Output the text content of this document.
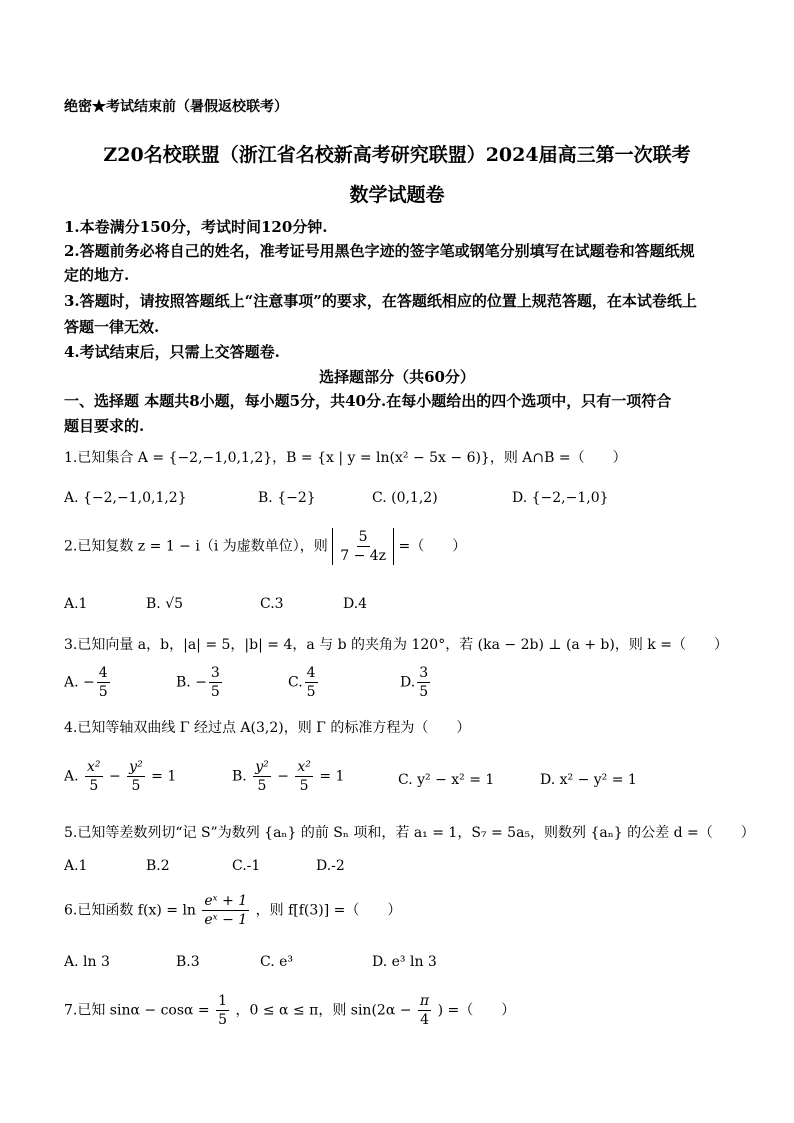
绝密★考试结束前（暑假返校联考）
Z20名校联盟（浙江省名校新高考研究联盟）2024届高三第一次联考
数学试题卷
1.本卷满分150分，考试时间120分钟.
2.答题前务必将自己的姓名，准考证号用黑色字迹的签字笔或钢笔分别填写在试题卷和答题纸规
定的地方.
3.答题时，请按照答题纸上“注意事项”的要求，在答题纸相应的位置上规范答题，在本试卷纸上
答题一律无效.
4.考试结束后，只需上交答题卷.
选择题部分（共60分）
一、选择题 本题共8小题，每小题5分，共40分.在每小题给出的四个选项中，只有一项符合
题目要求的.
1.已知集合 A = {−2,−1,0,1,2}，B = {x | y = ln(x² − 5x − 6)}，则 A∩B =（　　）
A. {−2,−1,0,1,2}	B. {−2}	C. (0,1,2)	D. {−2,−1,0}
2.已知复数 z = 1 − i（i 为虚数单位），则 $\frac{5}{7 - 4z}$ =（　　）
A.1	B. √5	C.3	D.4
3.已知向量 a，b，|a| = 5，|b| = 4，a 与 b 的夹角为 120°，若 (ka − 2b) ⊥ (a + b)，则 k =（　　）
A. − $\frac{4}{5}$	B. − $\frac{3}{5}$	C. $\frac{4}{5}$	D. $\frac{3}{5}$
4.已知等轴双曲线 Γ 经过点 A(3,2)，则 Γ 的标准方程为（　　）
A. $\frac{\text{x²}}{5} - \frac{\text{y²}}{5} = 1$	B. $\frac{\text{y²}}{5} - \frac{\text{x²}}{5} = 1$	C. y² − x² = 1	D. x² − y² = 1
5.已知等差数列切“记 S”为数列 {aₙ} 的前 Sₙ 项和，若 a₁ = 1，S₇ = 5a₅，则数列 {aₙ} 的公差 d =（　　）
A.1	B.2	C.-1	D.-2
6.已知函数 $f(x) = \ln \frac{\text{eˣ + 1}}{\text{eˣ − 1}}$ ，则 f[f(3)] =（　　）
A. ln 3	B.3	C. e³	D. e³ ln 3
7.已知 $\sin\alpha - \cos\alpha = \frac{1}{5}$ ，0 ≤ α ≤ π，则 $\sin(2\alpha - \frac{\pi}{4}$ ) =（　　）
